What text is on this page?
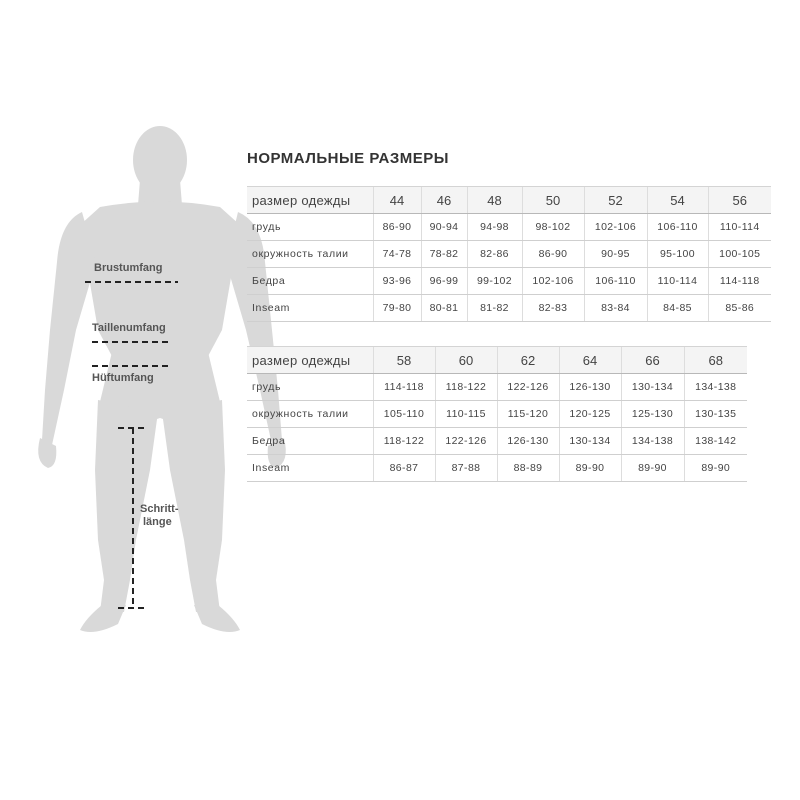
Brustumfang
Taillenumfang
Hüftumfang
Schritt-
länge
НОРМАЛЬНЫЕ РАЗМЕРЫ
размер одежды	44	46	48	50	52	54	56
грудь	86-90	90-94	94-98	98-102	102-106	106-110	110-114
окружность талии	74-78	78-82	82-86	86-90	90-95	95-100	100-105
Бедра	93-96	96-99	99-102	102-106	106-110	110-114	114-118
Inseam	79-80	80-81	81-82	82-83	83-84	84-85	85-86
размер одежды	58	60	62	64	66	68
грудь	114-118	118-122	122-126	126-130	130-134	134-138
окружность талии	105-110	110-115	115-120	120-125	125-130	130-135
Бедра	118-122	122-126	126-130	130-134	134-138	138-142
Inseam	86-87	87-88	88-89	89-90	89-90	89-90
